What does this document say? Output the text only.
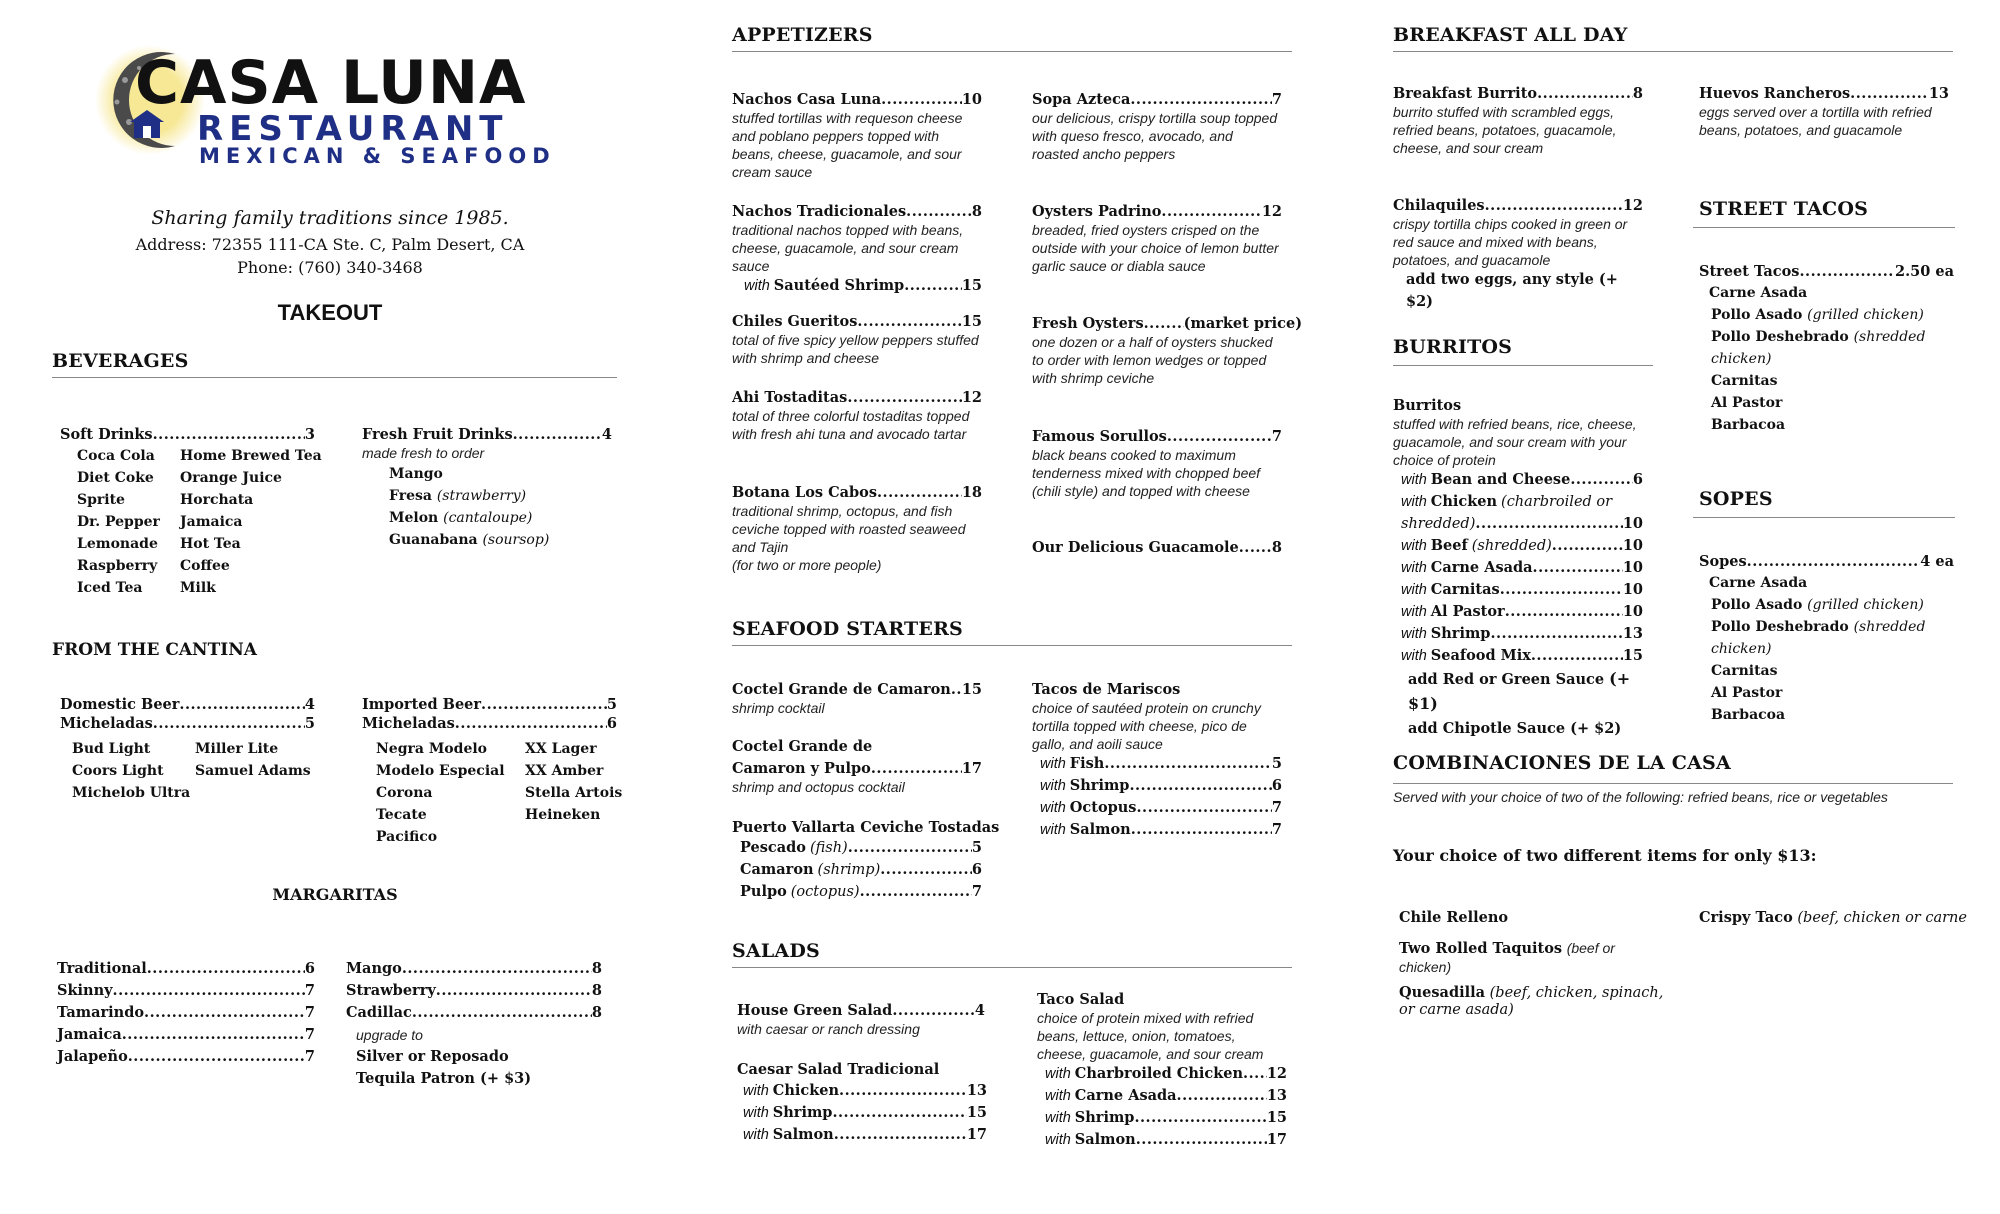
CASA LUNA
RESTAURANT
MEXICAN & SEAFOOD
Sharing family traditions since 1985.
Address: 72355 111-CA Ste. C, Palm Desert, CA
Phone: (760) 340-3468
TAKEOUT
BEVERAGES
Soft Drinks .....	3
Coca Cola
Diet Coke
Sprite
Dr. Pepper
Lemonade
Raspberry
Iced Tea
Home Brewed Tea
Orange Juice
Horchata
Jamaica
Hot Tea
Coffee
Milk
Fresh Fruit Drinks .....	4
made fresh to order
Mango
Fresa (strawberry)
Melon (cantaloupe)
Guanabana (soursop)
FROM THE CANTINA
Domestic Beer .....	4
Micheladas .....	5
Bud Light
Coors Light
Michelob Ultra
Miller Lite
Samuel Adams
Imported Beer .....	5
Micheladas .....	6
Negra Modelo
Modelo Especial
Corona
Tecate
Pacifico
XX Lager
XX Amber
Stella Artois
Heineken
MARGARITAS
Traditional .....	6
Skinny .....	7
Tamarindo .....	7
Jamaica .....	7
Jalapeño .....	7
Mango .....	8
Strawberry .....	8
Cadillac .....	8
upgrade to
Silver or Reposado
Tequila Patron (+ $3)
APPETIZERS
Nachos Casa Luna .....	10
stuffed tortillas with requeson cheese and poblano peppers topped with beans, cheese, guacamole, and sour cream sauce
Nachos Tradicionales .....	8
traditional nachos topped with beans, cheese, guacamole, and sour cream sauce
with Sautéed Shrimp .....	15
Chiles Gueritos .....	15
total of five spicy yellow peppers stuffed with shrimp and cheese
Ahi Tostaditas .....	12
total of three colorful tostaditas topped with fresh ahi tuna and avocado tartar
Botana Los Cabos .....	18
traditional shrimp, octopus, and fish ceviche topped with roasted seaweed and Tajin
(for two or more people)
Sopa Azteca .....	7
our delicious, crispy tortilla soup topped with queso fresco, avocado, and roasted ancho peppers
Oysters Padrino .....	12
breaded, fried oysters crisped on the outside with your choice of lemon butter garlic sauce or diabla sauce
Fresh Oysters .....	(market price)
one dozen or a half of oysters shucked to order with lemon wedges or topped with shrimp ceviche
Famous Sorullos .....	7
black beans cooked to maximum tenderness mixed with chopped beef (chili style) and topped with cheese
Our Delicious Guacamole ..... 8
SEAFOOD STARTERS
Coctel Grande de Camaron ..... 15
shrimp cocktail
Coctel Grande de
Camaron y Pulpo .....	17
shrimp and octopus cocktail
Puerto Vallarta Ceviche Tostadas
Pescado (fish) .....	5
Camaron (shrimp) .....	6
Pulpo (octopus) .....	7
Tacos de Mariscos
choice of sautéed protein on crunchy tortilla topped with cheese, pico de gallo, and aoili sauce
with Fish .....	5
with Shrimp .....	6
with Octopus .....	7
with Salmon .....	7
SALADS
House Green Salad .....	4
with caesar or ranch dressing
Caesar Salad Tradicional
with Chicken .....	13
with Shrimp .....	15
with Salmon .....	17
Taco Salad
choice of protein mixed with refried beans, lettuce, onion, tomatoes, cheese, guacamole, and sour cream
with Charbroiled Chicken ..... 12
with Carne Asada .....	13
with Shrimp .....	15
with Salmon .....	17
BREAKFAST ALL DAY
Breakfast Burrito .....	8
burrito stuffed with scrambled eggs, refried beans, potatoes, guacamole, cheese, and sour cream
Chilaquiles .....	12
crispy tortilla chips cooked in green or red sauce and mixed with beans, potatoes, and guacamole
add two eggs, any style (+ $2)
Huevos Rancheros .....	13
eggs served over a tortilla with refried beans, potatoes, and guacamole
BURRITOS
Burritos
stuffed with refried beans, rice, cheese, guacamole, and sour cream with your choice of protein
with Bean and Cheese .....	6
with Chicken (charbroiled or
shredded) .....	10
with Beef (shredded) .....	10
with Carne Asada .....	10
with Carnitas .....	10
with Al Pastor .....	10
with Shrimp .....	13
with Seafood Mix .....	15
add Red or Green Sauce (+ $1)
add Chipotle Sauce (+ $2)
STREET TACOS
Street Tacos .....	2.50 ea
Carne Asada
Pollo Asado (grilled chicken)
Pollo Deshebrado (shredded
chicken)
Carnitas
Al Pastor
Barbacoa
SOPES
Sopes .....	4 ea
Carne Asada
Pollo Asado (grilled chicken)
Pollo Deshebrado (shredded
chicken)
Carnitas
Al Pastor
Barbacoa
COMBINACIONES DE LA CASA
Served with your choice of two of the following: refried beans, rice or vegetables
Your choice of two different items for only $13:
Chile Relleno
Two Rolled Taquitos (beef or chicken)
Quesadilla (beef, chicken, spinach, or carne asada)
Crispy Taco (beef, chicken or carne
